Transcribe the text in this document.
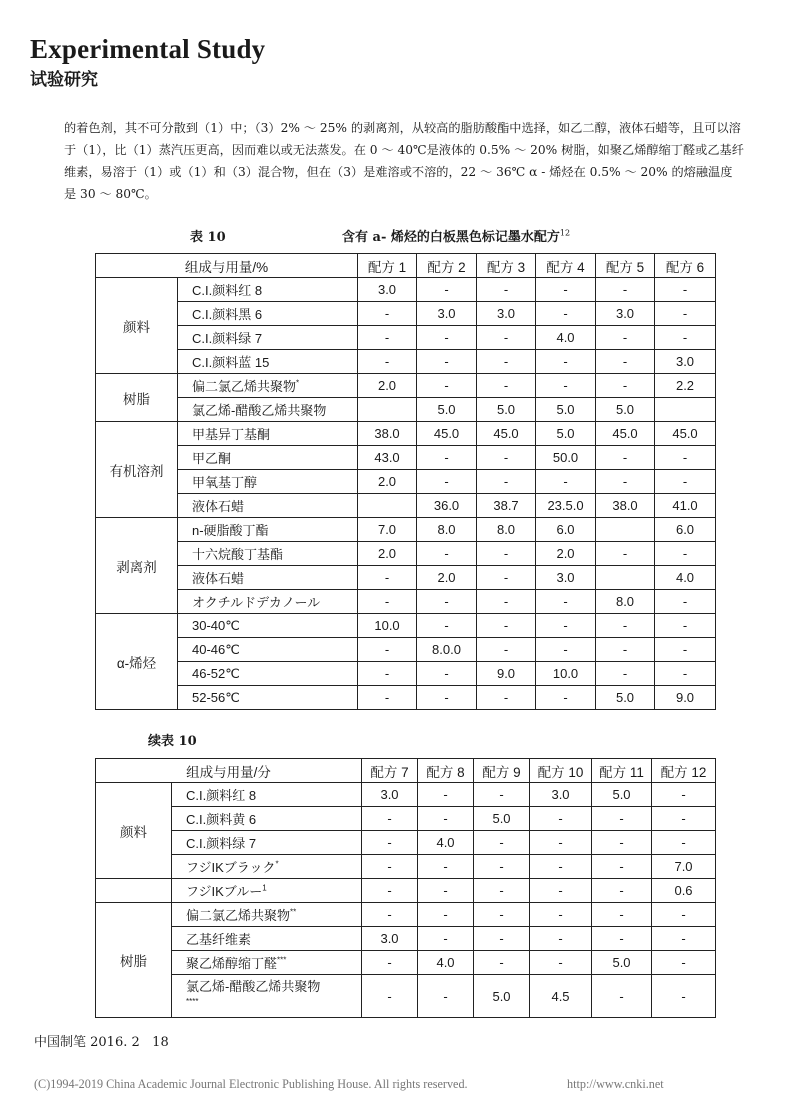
Experimental Study
试验研究

的着色剂，其不可分散到（1）中；（3）2% ～ 25% 的剥离剂，从较高的脂肪酸酯中选择，如乙二醇，液体石蜡等，且可以溶于（1），比（1）蒸汽压更高，因而难以或无法蒸发。在 0 ～ 40℃是液体的 0.5% ～ 20% 树脂，如聚乙烯醇缩丁醛或乙基纤维素，易溶于（1）或（1）和（3）混合物，但在（3）是难溶或不溶的，22 ～ 36℃ α - 烯烃在 0.5% ～ 20% 的熔融温度是 30 ～ 80℃。

表 10	含有 a- 烯烃的白板黑色标记墨水配方$^{12}$
组成与用量/%		配方 1	配方 2	配方 3	配方 4	配方 5	配方 6
颜料	C.I.颜料红 8	3.0	-	-	-	-	-
	C.I.颜料黑 6	-	3.0	3.0	-	3.0	-
	C.I.颜料绿 7	-	-	-	4.0	-	-
	C.I.颜料蓝 15	-	-	-	-	-	3.0
树脂	偏二氯乙烯共聚物*	2.0	-	-	-	-	2.2
	氯乙烯-醋酸乙烯共聚物		5.0	5.0	5.0	5.0	
有机溶剂	甲基异丁基酮	38.0	45.0	45.0	5.0	45.0	45.0
	甲乙酮	43.0	-	-	50.0	-	-
	甲氧基丁醇	2.0	-	-	-	-	-
	液体石蜡		36.0	38.7	23.5.0	38.0	41.0
剥离剂	n-硬脂酸丁酯	7.0	8.0	8.0	6.0		6.0
	十六烷酸丁基酯	2.0	-	-	2.0	-	-
	液体石蜡	-	2.0	-	3.0		4.0
	オクチルドデカノール	-	-	-	-	8.0	-
α-烯烃	30-40℃	10.0	-	-	-	-	-
	40-46℃	-	8.0.0	-	-	-	-
	46-52℃	-	-	9.0	10.0	-	-
	52-56℃	-	-	-	-	5.0	9.0
续表 10
组成与用量/分		配方 7	配方 8	配方 9	配方 10	配方 11	配方 12
颜料	C.I.颜料红 8	3.0	-	-	3.0	5.0	-
	C.I.颜料黄 6	-	-	5.0	-	-	-
	C.I.颜料绿 7	-	4.0	-	-	-	-
	フジIKブラック*	-	-	-	-	-	7.0
	フジIKブルー$^1$	-	-	-	-	-	0.6
树脂	偏二氯乙烯共聚物**	-	-	-	-	-	-
	乙基纤维素	3.0	-	-	-	-	-
	聚乙烯醇缩丁醛***	-	4.0	-	-	5.0	-
	氯乙烯-醋酸乙烯共聚物
****	-	-	5.0	4.5	-	-
中国制笔 2016. 2 18
(C)1994-2019 China Academic Journal Electronic Publishing House. All rights reserved.	http://www.cnki.net
